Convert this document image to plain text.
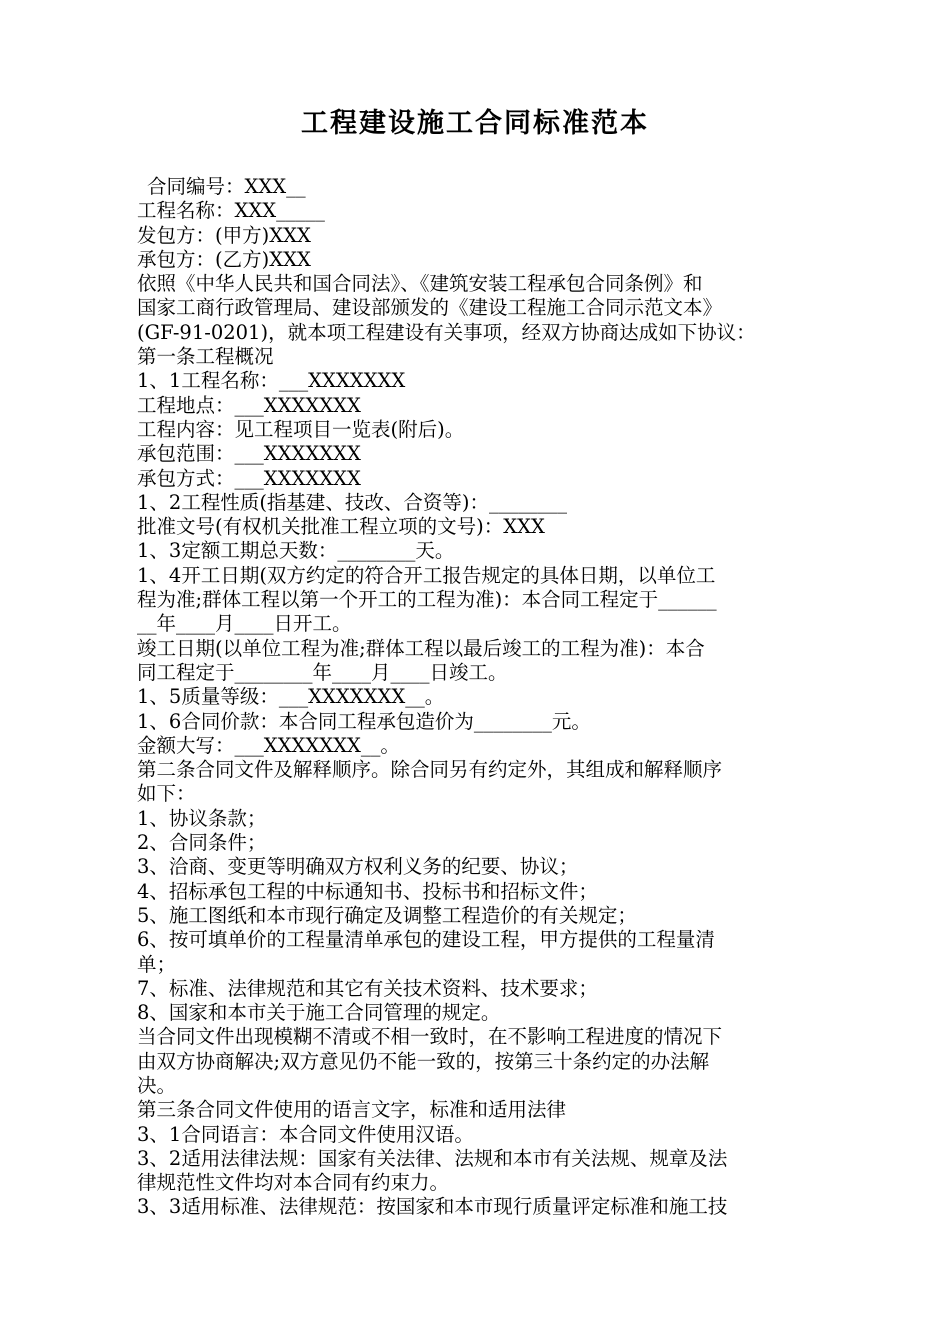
工程建设施工合同标准范本
合同编号：XXX__
工程名称：XXX_____
发包方：(甲方)XXX
承包方：(乙方)XXX
依照《中华人民共和国合同法》、《建筑安装工程承包合同条例》和
国家工商行政管理局、建设部颁发的《建设工程施工合同示范文本》
(GF-91-0201)，就本项工程建设有关事项，经双方协商达成如下协议：
第一条工程概况
1、1工程名称：___XXXXXXX
工程地点：___XXXXXXX
工程内容：见工程项目一览表(附后)。
承包范围：___XXXXXXX
承包方式：___XXXXXXX
1、2工程性质(指基建、技改、合资等)：________
批准文号(有权机关批准工程立项的文号)：XXX
1、3定额工期总天数：________天。
1、4开工日期(双方约定的符合开工报告规定的具体日期，以单位工
程为准;群体工程以第一个开工的工程为准)：本合同工程定于______
__年____月____日开工。
竣工日期(以单位工程为准;群体工程以最后竣工的工程为准)：本合
同工程定于________年____月____日竣工。
1、5质量等级：___XXXXXXX__。
1、6合同价款：本合同工程承包造价为________元。
金额大写：___XXXXXXX__。
第二条合同文件及解释顺序。除合同另有约定外，其组成和解释顺序
如下：
1、协议条款；
2、合同条件；
3、洽商、变更等明确双方权利义务的纪要、协议；
4、招标承包工程的中标通知书、投标书和招标文件；
5、施工图纸和本市现行确定及调整工程造价的有关规定；
6、按可填单价的工程量清单承包的建设工程，甲方提供的工程量清
单；
7、标准、法律规范和其它有关技术资料、技术要求；
8、国家和本市关于施工合同管理的规定。
当合同文件出现模糊不清或不相一致时，在不影响工程进度的情况下
由双方协商解决;双方意见仍不能一致的，按第三十条约定的办法解
决。
第三条合同文件使用的语言文字，标准和适用法律
3、1合同语言：本合同文件使用汉语。
3、2适用法律法规：国家有关法律、法规和本市有关法规、规章及法
律规范性文件均对本合同有约束力。
3、3适用标准、法律规范：按国家和本市现行质量评定标准和施工技
